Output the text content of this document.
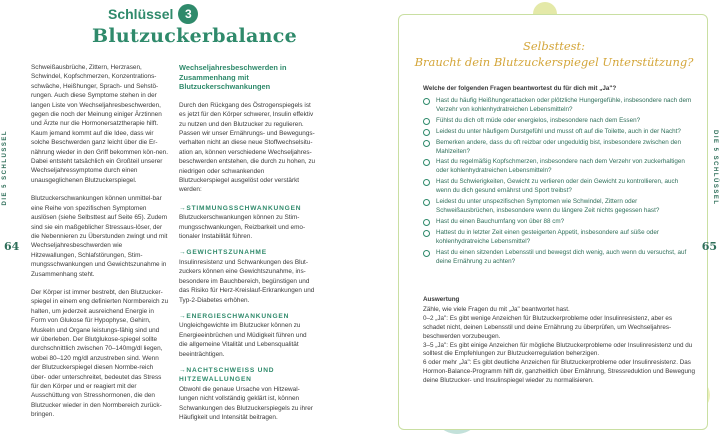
DIE 5 SCHLÜSSEL
64
Schlüssel 3
Blutzuckerbalance

Schweißausbrüche, Zittern, Herzrasen, Schwindel, Kopfschmerzen, Konzentrations-schwäche, Heißhunger, Sprach- und Sehstö-rungen. Auch diese Symptome stehen in der langen Liste von Wechseljahresbeschwerden, gegen die noch der Meinung einiger Ärztinnen und Ärzte nur die Hormonersatztherapie hilft. Kaum jemand kommt auf die Idee, dass wir solche Beschwerden ganz leicht über die Er-nährung wieder in den Griff bekommen kön-nen. Dabei entsteht tatsächlich ein Großteil unserer Wechseljahressymptome durch einen unausgeglichenen Blutzuckerspiegel.

Blutzuckerschwankungen können unmittel-bar eine Reihe von spezifischen Symptomen auslösen (siehe Selbsttest auf Seite 65). Zudem sind sie ein maßgeblicher Stressaus-löser, der die Nebennieren zu Überstunden zwingt und mit Wechseljahresbeschwerden wie Hitzewallungen, Schlafstörungen, Stim-mungsschwankungen und Gewichtszunahme in Zusammenhang steht.

Der Körper ist immer bestrebt, den Blutzucker-spiegel in einem eng definierten Normbereich zu halten, um jederzeit ausreichend Energie in Form von Glukose für Hypophyse, Gehirn, Muskeln und Organe leistungs-fähig sind und wir überleben. Der Blutglukose-spiegel sollte durchschnittlich zwischen 70–140mg/dl liegen, wobei 80–120 mg/dl anzustreben sind. Wenn der Blutzuckerspiegel diesen Normbe-reich über- oder unterschreitet, bedeutet das Stress für den Körper und er reagiert mit der Ausschüttung von Stresshormonen, die den Blutzucker wieder in den Normbereich zurück-bringen.

Wechseljahresbeschwerden in Zusammenhang mit Blutzuckerschwankungen

Durch den Rückgang des Östrogenspiegels ist es jetzt für den Körper schwerer, Insulin effektiv zu nutzen und den Blutzucker zu regulieren. Passen wir unser Ernährungs- und Bewegungs-verhalten nicht an diese neue Stoffwechselsitu-ation an, können verschiedene Wechseljahres-beschwerden entstehen, die durch zu hohen, zu niedrigen oder schwankenden Blutzuckerspiegel ausgelöst oder verstärkt werden:

→STIMMUNGSSCHWANKUNGEN
Blutzuckerschwankungen können zu Stim-mungsschwankungen, Reizbarkeit und emo-tionaler Instabilität führen.
→GEWICHTSZUNAHME
Insulinresistenz und Schwankungen des Blut-zuckers können eine Gewichtszunahme, ins-besondere im Bauchbereich, begünstigen und das Risiko für Herz-Kreislauf-Erkrankungen und Typ-2-Diabetes erhöhen.
→ENERGIESCHWANKUNGEN
Ungleichgewichte im Blutzucker können zu Energieeinbrüchen und Müdigkeit führen und die allgemeine Vitalität und Lebensqualität beeinträchtigen.
→NACHTSCHWEISS UND HITZEWALLUNGEN
Obwohl die genaue Ursache von Hitzewal-lungen nicht vollständig geklärt ist, können Schwankungen des Blutzuckerspiegels zu ihrer Häufigkeit und Intensität beitragen.
Selbsttest:
Braucht dein Blutzuckerspiegel Unterstützung?
Welche der folgenden Fragen beantwortest du für dich mit „Ja"?
Hast du häufig Heißhungerattacken oder plötzliche Hungergefühle, insbesondere nach dem Verzehr von kohlenhydratreichen Lebensmitteln?
Fühlst du dich oft müde oder energielos, insbesondere nach dem Essen?
Leidest du unter häufigem Durstgefühl und musst oft auf die Toilette, auch in der Nacht?
Bemerken andere, dass du oft reizbar oder ungeduldig bist, insbesondere zwischen den Mahlzeiten?
Hast du regelmäßig Kopfschmerzen, insbesondere nach dem Verzehr von zuckerhaltigen oder kohlenhydratreichen Lebensmitteln?
Hast du Schwierigkeiten, Gewicht zu verlieren oder dein Gewicht zu kontrollieren, auch wenn du dich gesund ernährst und Sport treibst?
Leidest du unter unspezifischen Symptomen wie Schwindel, Zittern oder Schweißausbrüchen, insbesondere wenn du längere Zeit nichts gegessen hast?
Hast du einen Bauchumfang von über 88 cm?
Hattest du in letzter Zeit einen gesteigerten Appetit, insbesondere auf süße oder kohlenhydratreiche Lebensmittel?
Hast du einen sitzenden Lebensstil und bewegst dich wenig, auch wenn du versuchst, auf deine Ernährung zu achten?
Auswertung
Zähle, wie viele Fragen du mit „Ja" beantwortet hast.
0–2 „Ja": Es gibt wenige Anzeichen für Blutzuckerprobleme oder Insulinresistenz, aber es schadet nicht, deinen Lebensstil und deine Ernährung zu überprüfen, um Wechseljahres-beschwerden vorzubeugen.
3–5 „Ja": Es gibt einige Anzeichen für mögliche Blutzuckerprobleme oder Insulinresistenz und du solltest die Empfehlungen zur Blutzuckerregulation beherzigen.
6 oder mehr „Ja": Es gibt deutliche Anzeichen für Blutzuckerprobleme oder Insulinresistenz. Das Hormon-Balance-Programm hilft dir, ganzheitlich über Ernährung, Stressreduktion und Bewegung deine Blutzucker- und Insulinspiegel wieder zu normalisieren.
DIE 5 SCHLÜSSEL
65
